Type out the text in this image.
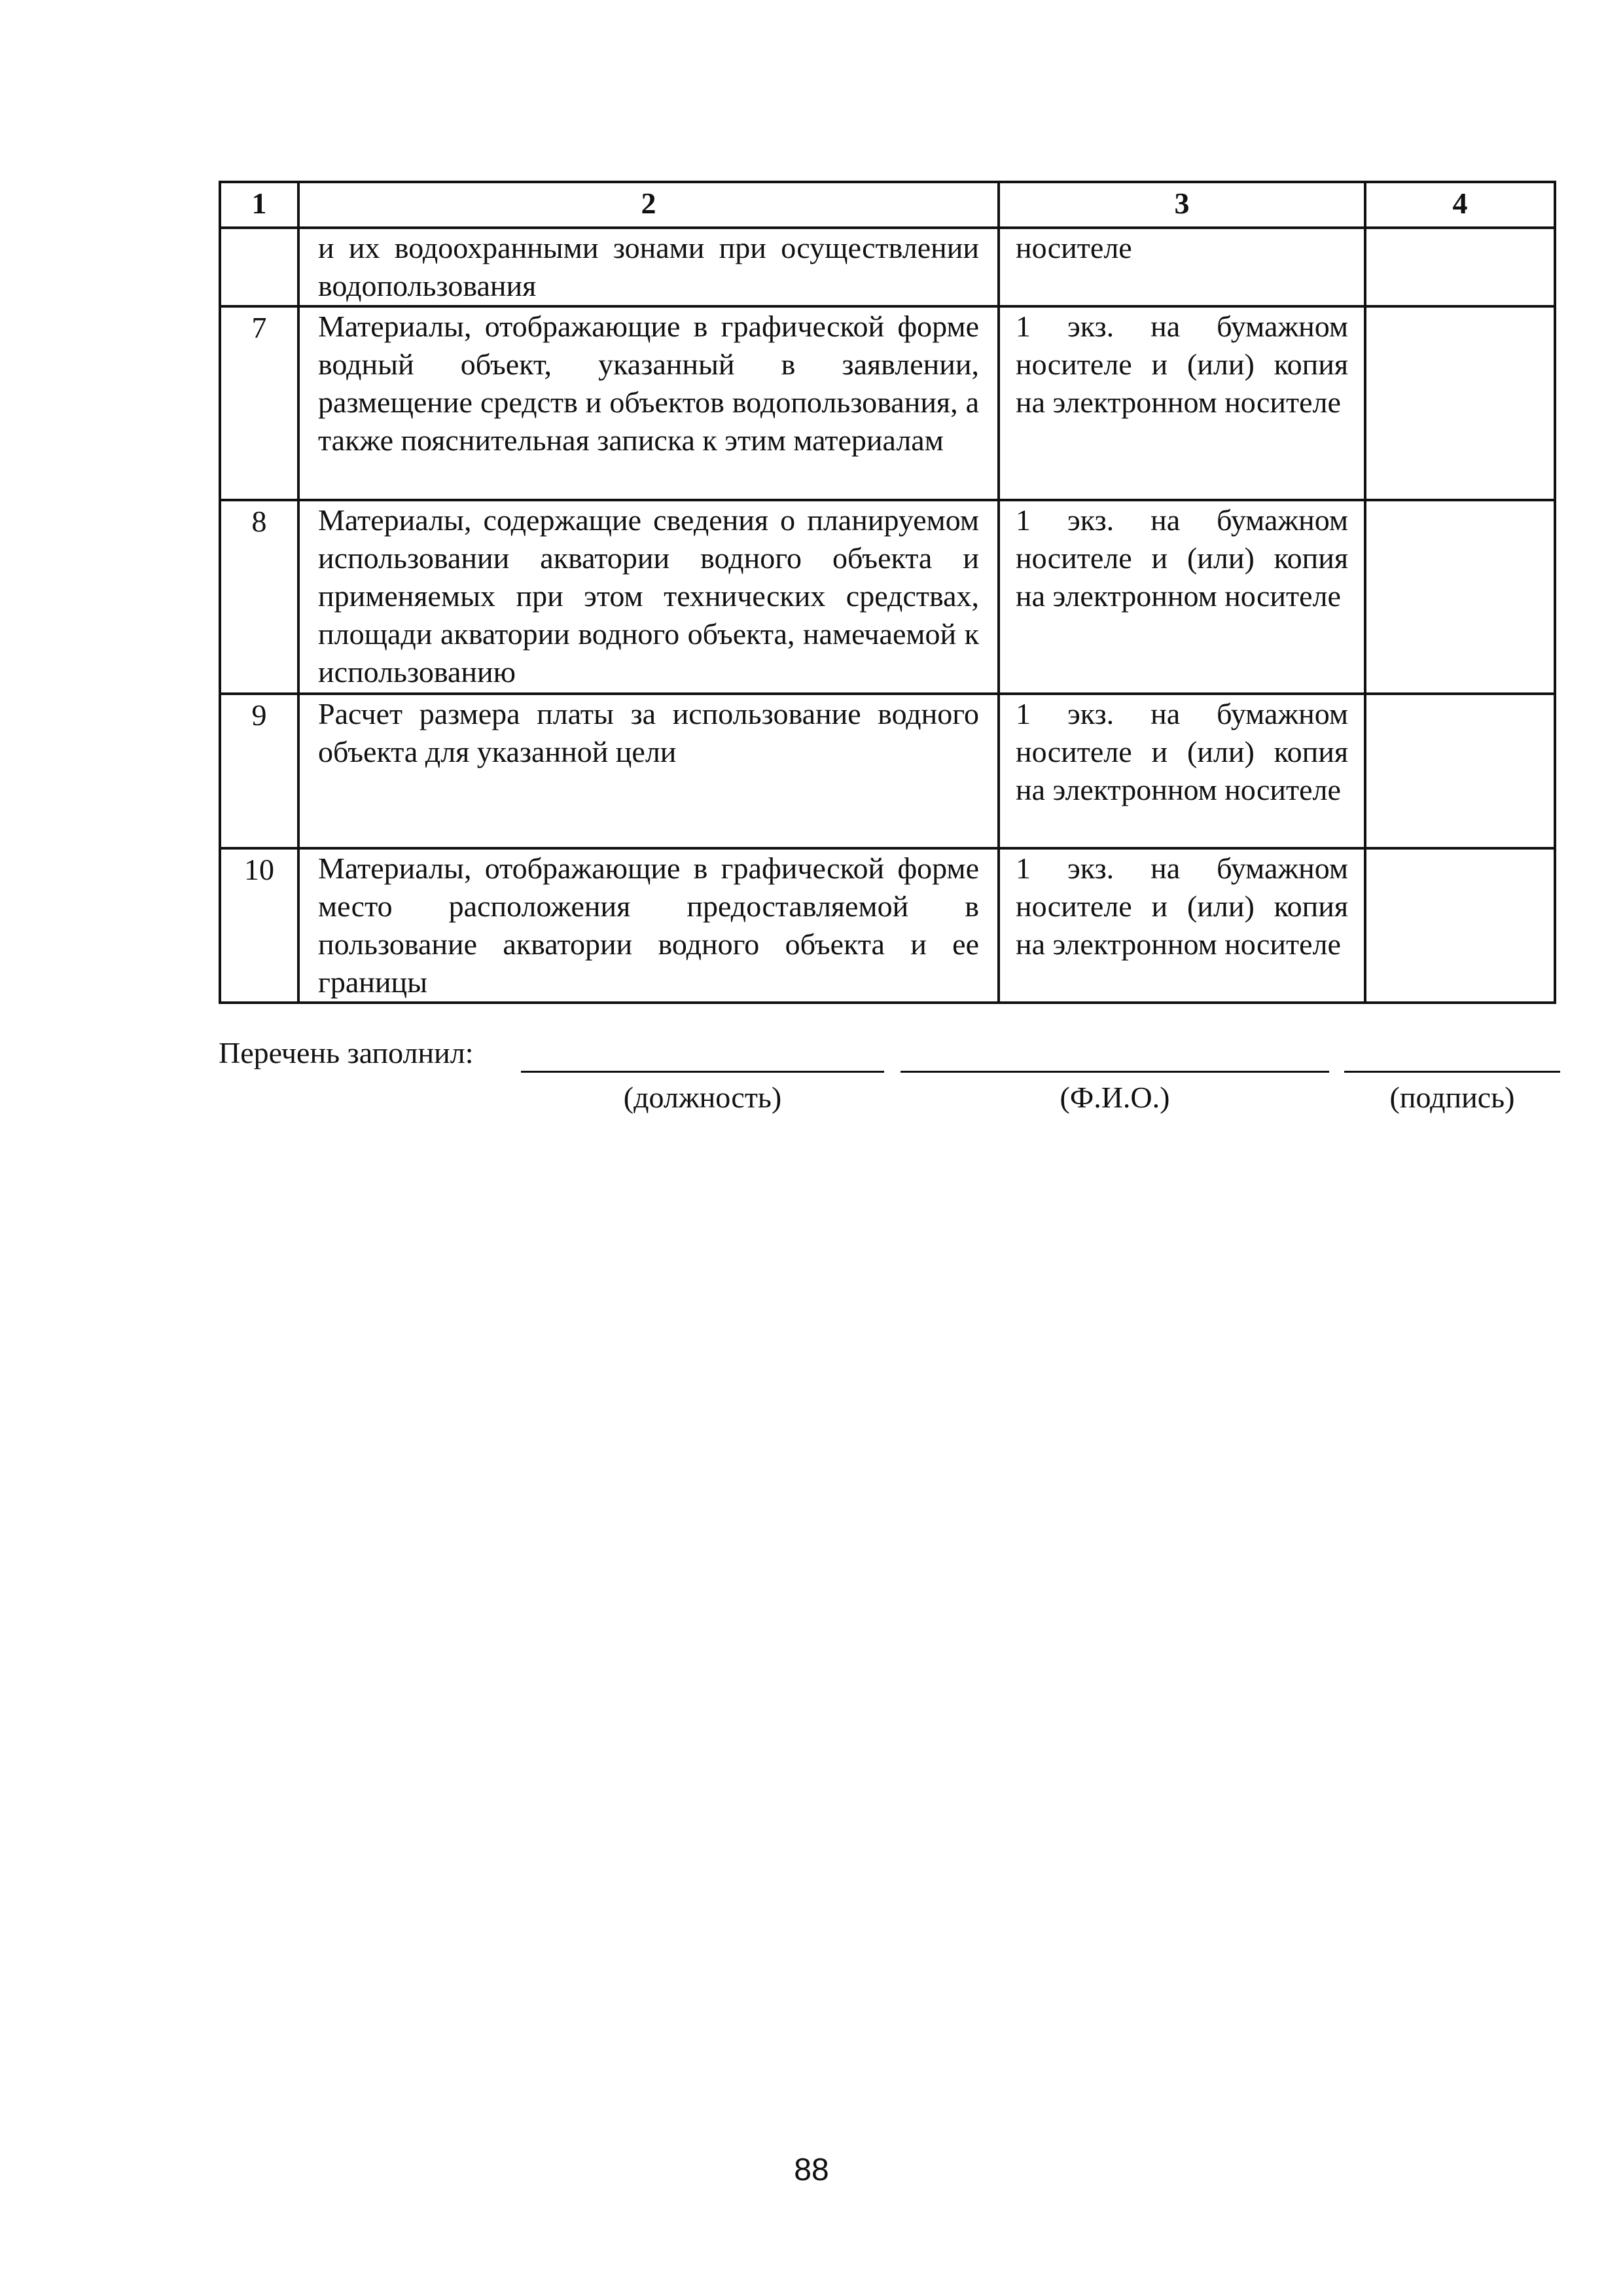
1	2	3	4
	и их водоохранными зонами при осуществлении водопользования	носителе	
7	Материалы, отображающие в графической форме водный объект, указанный в заявлении, размещение средств и объектов водопользования, а также пояснительная записка к этим материалам	1 экз. на бумажном носителе и (или) копия на электронном носителе	
8	Материалы, содержащие сведения о планируемом использовании акватории водного объекта и применяемых при этом технических средствах, площади акватории водного объекта, намечаемой к использованию	1 экз. на бумажном носителе и (или) копия на электронном носителе	
9	Расчет размера платы за использование водного объекта для указанной цели	1 экз. на бумажном носителе и (или) копия на электронном носителе	
10	Материалы, отображающие в графической форме место расположения предоставляемой в пользование акватории водного объекта и ее границы	1 экз. на бумажном носителе и (или) копия на электронном носителе	
Перечень заполнил:
(должность)	(Ф.И.О.)	(подпись)
88
